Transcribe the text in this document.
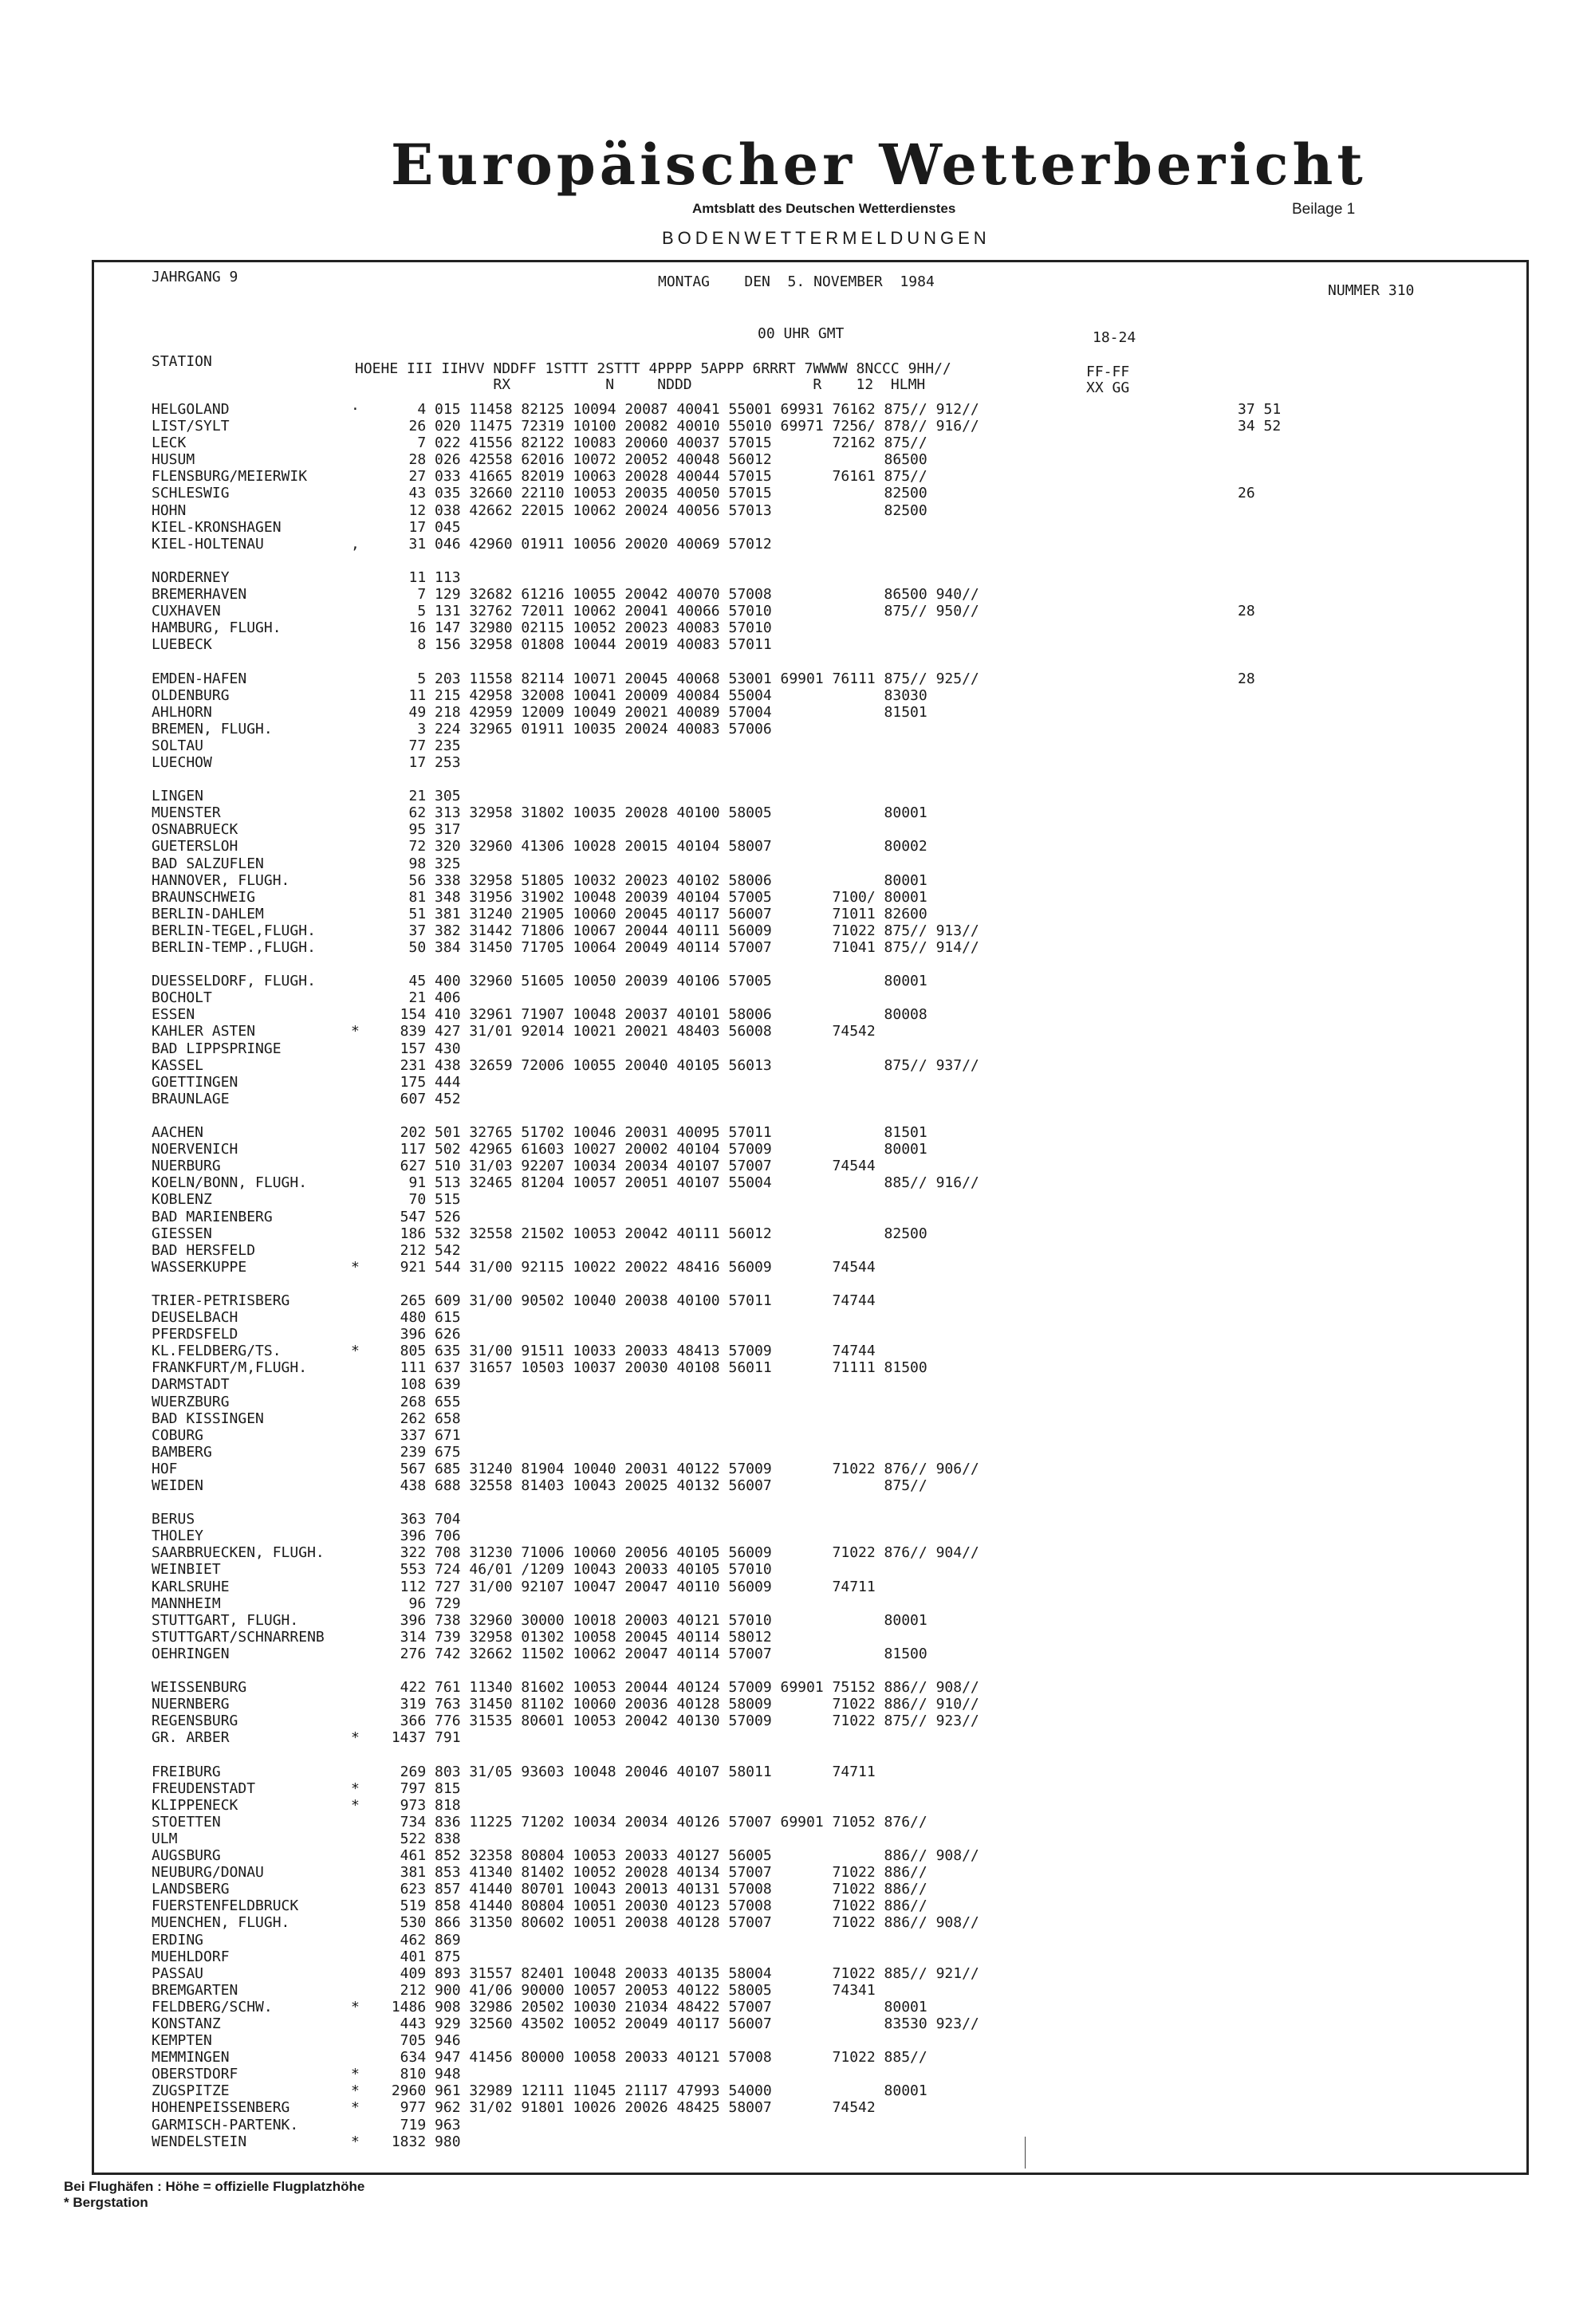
Europäischer Wetterbericht
Amtsblatt des Deutschen Wetterdienstes	Beilage 1
BODENWETTERMELDUNGEN
JAHRGANG 9	MONTAG    DEN  5. NOVEMBER  1984
NUMMER 310
00 UHR GMT	18-24
STATION	HOEHE III IIHVV NDDFF 1STTT 2STTT 4PPPP 5APPP 6RRRT 7WWWW 8NCCC 9HH//
RX           N     NDDD              R    12  HLMH
FF-FF
XX GG
HELGOLAND	·	4 015 11458 82125 10094 20087 40041 55001 69931 76162 875// 912//	37 51
LIST/SYLT	26 020 11475 72319 10100 20082 40010 55010 69971 7256/ 878// 916//	34 52
LECK	7 022 41556 82122 10083 20060 40037 57015       72162 875//
HUSUM	28 026 42558 62016 10072 20052 40048 56012             86500
FLENSBURG/MEIERWIK	27 033 41665 82019 10063 20028 40044 57015       76161 875//
SCHLESWIG	43 035 32660 22110 10053 20035 40050 57015             82500	26
HOHN	12 038 42662 22015 10062 20024 40056 57013             82500
KIEL-KRONSHAGEN	17 045
KIEL-HOLTENAU	,	31 046 42960 01911 10056 20020 40069 57012
NORDERNEY	11 113
BREMERHAVEN	7 129 32682 61216 10055 20042 40070 57008             86500 940//
CUXHAVEN	5 131 32762 72011 10062 20041 40066 57010             875// 950//	28
HAMBURG, FLUGH.	16 147 32980 02115 10052 20023 40083 57010
LUEBECK	8 156 32958 01808 10044 20019 40083 57011
EMDEN-HAFEN	5 203 11558 82114 10071 20045 40068 53001 69901 76111 875// 925//	28
OLDENBURG	11 215 42958 32008 10041 20009 40084 55004             83030
AHLHORN	49 218 42959 12009 10049 20021 40089 57004             81501
BREMEN, FLUGH.	3 224 32965 01911 10035 20024 40083 57006
SOLTAU	77 235
LUECHOW	17 253
LINGEN	21 305
MUENSTER	62 313 32958 31802 10035 20028 40100 58005             80001
OSNABRUECK	95 317
GUETERSLOH	72 320 32960 41306 10028 20015 40104 58007             80002
BAD SALZUFLEN	98 325
HANNOVER, FLUGH.	56 338 32958 51805 10032 20023 40102 58006             80001
BRAUNSCHWEIG	81 348 31956 31902 10048 20039 40104 57005       7100/ 80001
BERLIN-DAHLEM	51 381 31240 21905 10060 20045 40117 56007       71011 82600
BERLIN-TEGEL,FLUGH.	37 382 31442 71806 10067 20044 40111 56009       71022 875// 913//
BERLIN-TEMP.,FLUGH.	50 384 31450 71705 10064 20049 40114 57007       71041 875// 914//
DUESSELDORF, FLUGH.	45 400 32960 51605 10050 20039 40106 57005             80001
BOCHOLT	21 406
ESSEN	154 410 32961 71907 10048 20037 40101 58006             80008
KAHLER ASTEN	*	839 427 31/01 92014 10021 20021 48403 56008       74542
BAD LIPPSPRINGE	157 430
KASSEL	231 438 32659 72006 10055 20040 40105 56013             875// 937//
GOETTINGEN	175 444
BRAUNLAGE	607 452
AACHEN	202 501 32765 51702 10046 20031 40095 57011             81501
NOERVENICH	117 502 42965 61603 10027 20002 40104 57009             80001
NUERBURG	627 510 31/03 92207 10034 20034 40107 57007       74544
KOELN/BONN, FLUGH.	91 513 32465 81204 10057 20051 40107 55004             885// 916//
KOBLENZ	70 515
BAD MARIENBERG	547 526
GIESSEN	186 532 32558 21502 10053 20042 40111 56012             82500
BAD HERSFELD	212 542
WASSERKUPPE	*	921 544 31/00 92115 10022 20022 48416 56009       74544
TRIER-PETRISBERG	265 609 31/00 90502 10040 20038 40100 57011       74744
DEUSELBACH	480 615
PFERDSFELD	396 626
KL.FELDBERG/TS.	*	805 635 31/00 91511 10033 20033 48413 57009       74744
FRANKFURT/M,FLUGH.	111 637 31657 10503 10037 20030 40108 56011       71111 81500
DARMSTADT	108 639
WUERZBURG	268 655
BAD KISSINGEN	262 658
COBURG	337 671
BAMBERG	239 675
HOF	567 685 31240 81904 10040 20031 40122 57009       71022 876// 906//
WEIDEN	438 688 32558 81403 10043 20025 40132 56007             875//
BERUS	363 704
THOLEY	396 706
SAARBRUECKEN, FLUGH.	322 708 31230 71006 10060 20056 40105 56009       71022 876// 904//
WEINBIET	553 724 46/01 /1209 10043 20033 40105 57010
KARLSRUHE	112 727 31/00 92107 10047 20047 40110 56009       74711
MANNHEIM	96 729
STUTTGART, FLUGH.	396 738 32960 30000 10018 20003 40121 57010             80001
STUTTGART/SCHNARRENB	314 739 32958 01302 10058 20045 40114 58012
OEHRINGEN	276 742 32662 11502 10062 20047 40114 57007             81500
WEISSENBURG	422 761 11340 81602 10053 20044 40124 57009 69901 75152 886// 908//
NUERNBERG	319 763 31450 81102 10060 20036 40128 58009       71022 886// 910//
REGENSBURG	366 776 31535 80601 10053 20042 40130 57009       71022 875// 923//
GR. ARBER	*	1437 791
FREIBURG	269 803 31/05 93603 10048 20046 40107 58011       74711
FREUDENSTADT	*	797 815
KLIPPENECK	*	973 818
STOETTEN	734 836 11225 71202 10034 20034 40126 57007 69901 71052 876//
ULM	522 838
AUGSBURG	461 852 32358 80804 10053 20033 40127 56005             886// 908//
NEUBURG/DONAU	381 853 41340 81402 10052 20028 40134 57007       71022 886//
LANDSBERG	623 857 41440 80701 10043 20013 40131 57008       71022 886//
FUERSTENFELDBRUCK	519 858 41440 80804 10051 20030 40123 57008       71022 886//
MUENCHEN, FLUGH.	530 866 31350 80602 10051 20038 40128 57007       71022 886// 908//
ERDING	462 869
MUEHLDORF	401 875
PASSAU	409 893 31557 82401 10048 20033 40135 58004       71022 885// 921//
BREMGARTEN	212 900 41/06 90000 10057 20053 40122 58005       74341
FELDBERG/SCHW.	*	1486 908 32986 20502 10030 21034 48422 57007             80001
KONSTANZ	443 929 32560 43502 10052 20049 40117 56007             83530 923//
KEMPTEN	705 946
MEMMINGEN	634 947 41456 80000 10058 20033 40121 57008       71022 885//
OBERSTDORF	*	810 948
ZUGSPITZE	*	2960 961 32989 12111 11045 21117 47993 54000             80001
HOHENPEISSENBERG	*	977 962 31/02 91801 10026 20026 48425 58007       74542
GARMISCH-PARTENK.	719 963
WENDELSTEIN	*	1832 980
Bei Flughäfen : Höhe = offizielle Flugplatzhöhe
* Bergstation
